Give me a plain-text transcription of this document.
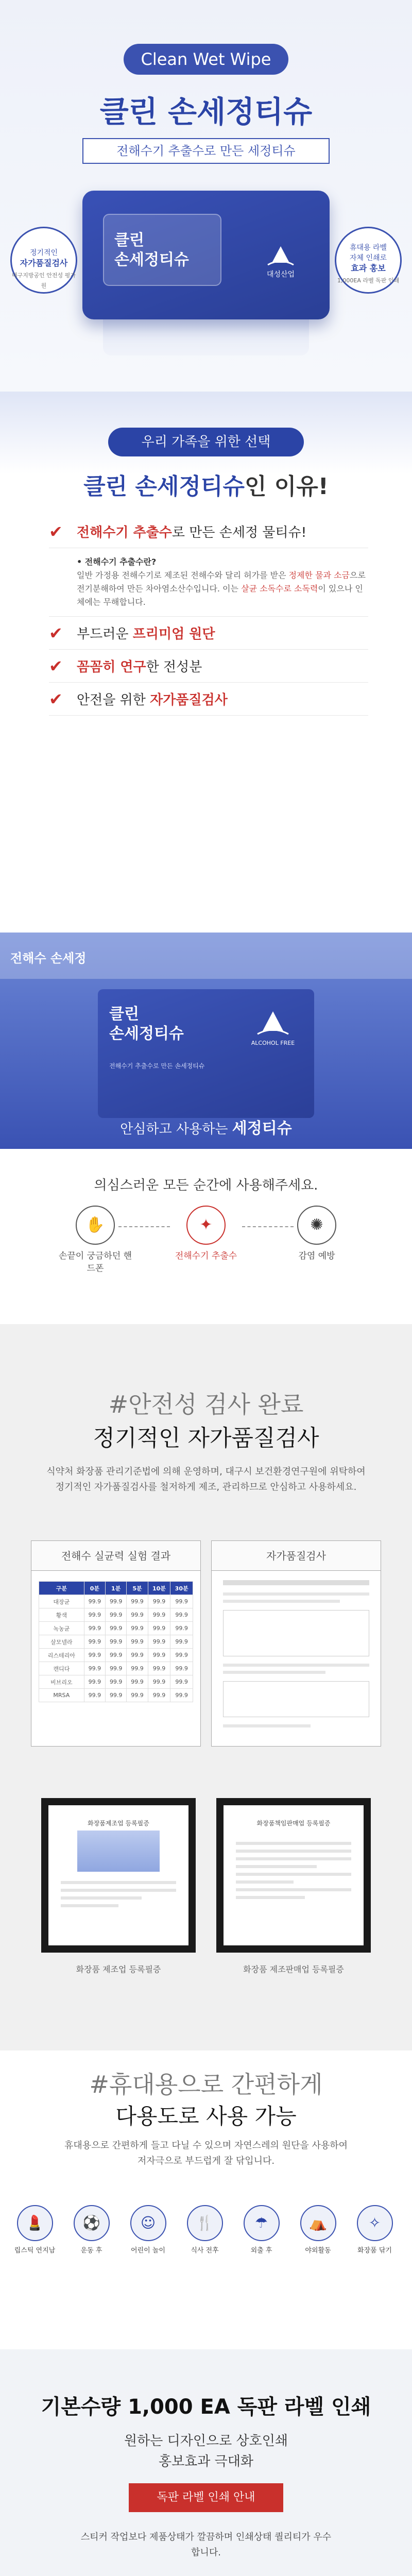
Clean Wet Wipe
클린 손세정티슈
전해수기 추출수로 만든 세정티슈
클린
손세정티슈
대성산업
정기적인
자가품질검사
대구지방공인 안전성 평가원
휴대용 라벨
자체 인쇄로
효과 홍보
1,000EA 라벨 독판 인쇄
우리 가족을 위한 선택
클린 손세정티슈인 이유!
✔ 전해수기 추출수로 만든 손세정 물티슈!
• 전해수기 추출수란?
일반 가정용 전해수기로 제조된 전해수와 달리 허가를 받은 정제한 물과 소금으로 전기분해하여 만든 차아염소산수입니다. 이는 살균 소독수로 소독력이 있으나 인체에는 무해합니다.
✔ 부드러운 프리미엄 원단
✔ 꼼꼼히 연구한 전성분
✔ 안전을 위한 자가품질검사
전해수 손세정
클린
손세정티슈
ALCOHOL FREE
전해수기 추출수로 만든 손세정티슈
안심하고 사용하는 세정티슈
의심스러운 모든 순간에 사용해주세요.
✋
손끝이 궁금하던 핸드폰
✦
전해수기 추출수
✺
감염 예방
#안전성 검사 완료
정기적인 자가품질검사
식약처 화장품 관리기준법에 의해 운영하며, 대구시 보건환경연구원에 위탁하여 정기적인 자가품질검사를 철저하게 제조, 관리하므로 안심하고 사용하세요.
전해수 실균력 실험 결과
구분	0분	1분	5분	10분	30분
대장균	99.9	99.9	99.9	99.9	99.9
황색	99.9	99.9	99.9	99.9	99.9
녹농균	99.9	99.9	99.9	99.9	99.9
살모넬라	99.9	99.9	99.9	99.9	99.9
리스테리아	99.9	99.9	99.9	99.9	99.9
캔디다	99.9	99.9	99.9	99.9	99.9
비브리오	99.9	99.9	99.9	99.9	99.9
MRSA	99.9	99.9	99.9	99.9	99.9
자가품질검사
화장품제조업 등록필증	화장품책임판매업 등록필증
화장품 제조업 등록필증	화장품 제조판매업 등록필증
#휴대용으로 간편하게
다용도로 사용 가능
휴대용으로 간편하게 들고 다닐 수 있으며 자연스레의 원단을 사용하여 저자극으로 부드럽게 잘 닦입니다.
💄
립스틱 연지남
⚽
운동 후
☺
어린이 놀이
🍴
식사 전후
☂
외출 후
⛺
야외활동
✧
화장품 닦기
기본수량 1,000 EA 독판 라벨 인쇄
원하는 디자인으로 상호인쇄
홍보효과 극대화
독판 라벨 인쇄 안내
스티커 작업보다 제품상태가 깔끔하며 인쇄상태 퀄리티가 우수합니다.
